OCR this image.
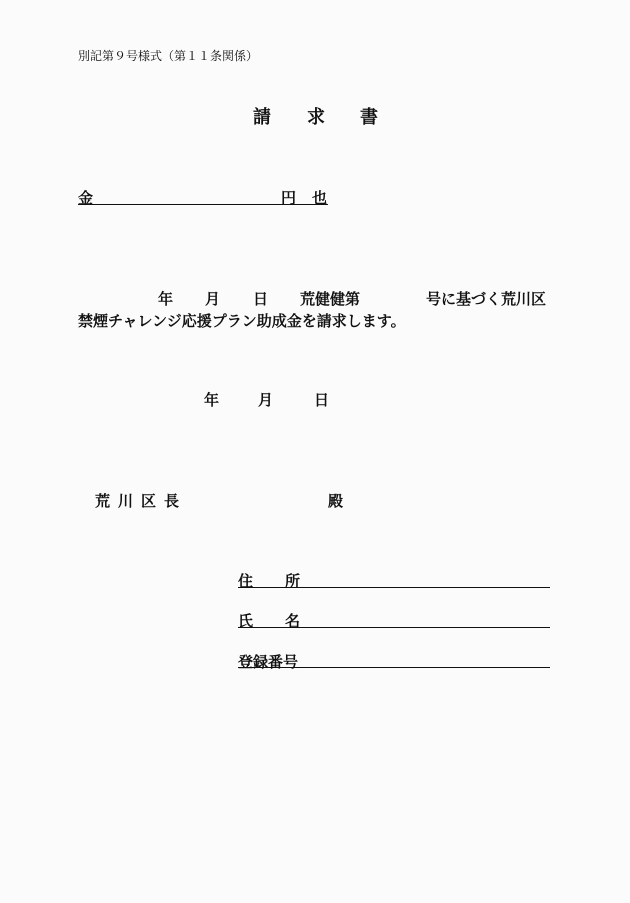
別記第９号様式（第１１条関係）
請 求 書
金	円 也
年 月 日 荒健健第	号に基づく荒川区
禁煙チャレンジ応援プラン助成金を請求します。
年	月	日
荒 川 区 長	殿
住 所
氏 名
登録番号
